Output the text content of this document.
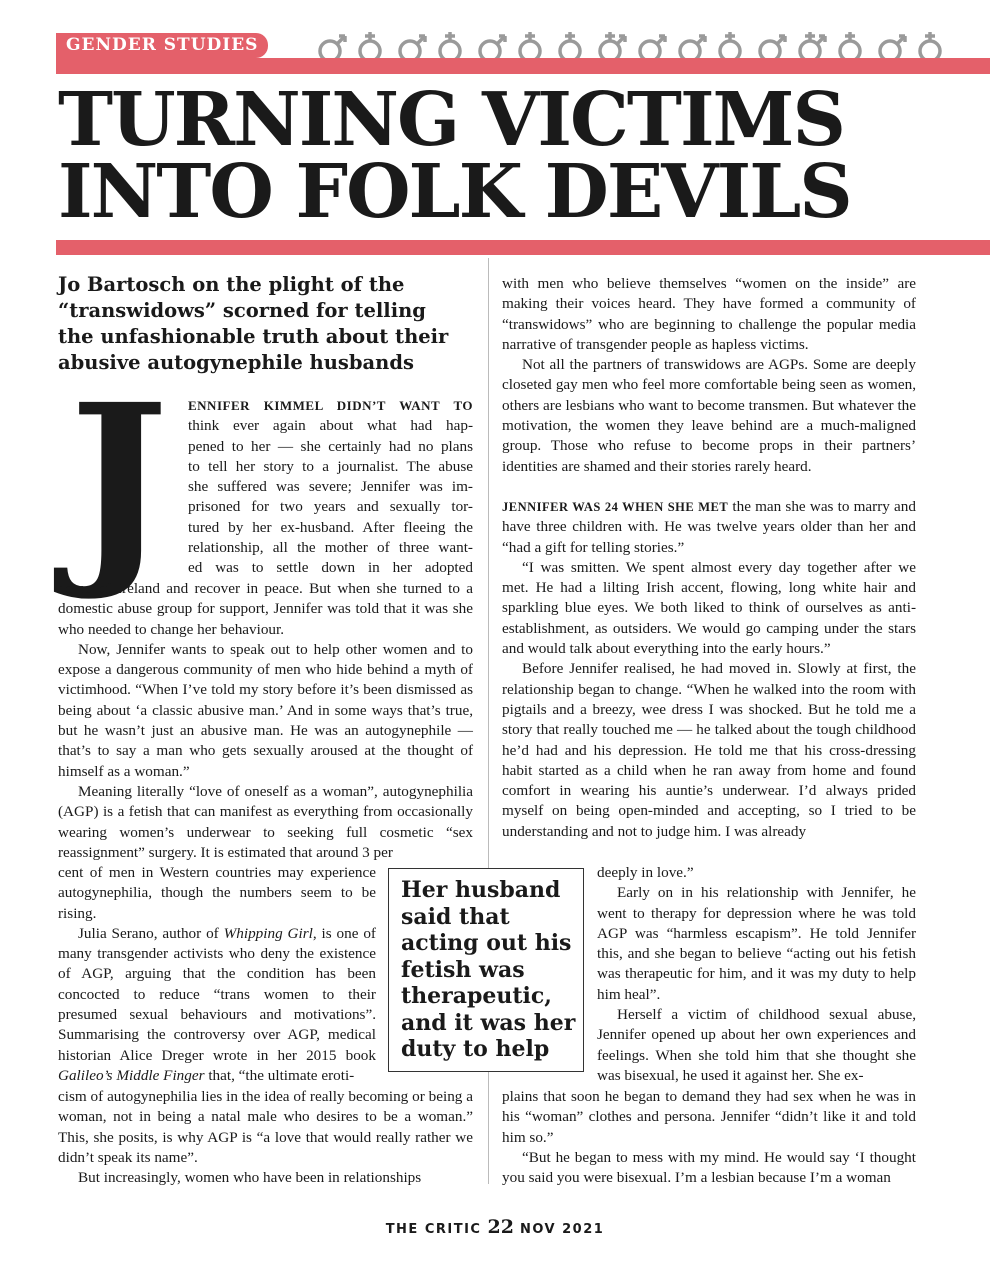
GENDER STUDIES
TURNING VICTIMS
INTO FOLK DEVILS
Jo Bartosch on the plight of the “transwidows” scorned for telling the unfashionable truth about their abusive autogynephile husbands
J	ENNIFER KIMMEL DIDN’T WANT TO
think ever again about what had hap-
pened to her — she certainly had no plans
to tell her story to a journalist. The abuse
she suffered was severe; Jennifer was im-
prisoned for two years and sexually tor-
tured by her ex-husband. After fleeing the
relationship, all the mother of three want-
ed was to settle down in her adopted

home of Ireland and recover in peace. But when she turned to a domestic abuse group for support, Jennifer was told that it was she who needed to change her behaviour.

Now, Jennifer wants to speak out to help other women and to expose a dangerous community of men who hide behind a myth of victimhood. “When I’ve told my story before it’s been dismissed as being about ‘a classic abusive man.’ And in some ways that’s true, but he wasn’t just an abusive man. He was an autogynephile — that’s to say a man who gets sexually aroused at the thought of himself as a woman.”

Meaning literally “love of oneself as a woman”, autogynephilia (AGP) is a fetish that can manifest as everything from occasionally wearing women’s underwear to seeking full cosmetic “sex reassignment” surgery. It is estimated that around 3 per

cent of men in Western countries may experience autogynephilia, though the numbers seem to be rising.

Julia Serano, author of Whipping Girl, is one of many transgender activists who deny the existence of AGP, arguing that the condition has been concocted to reduce “trans women to their presumed sexual behaviours and motivations”. Summarising the controversy over AGP, medical historian Alice Dreger wrote in her 2015 book Galileo’s Middle Finger that, “the ultimate eroti-

cism of autogynephilia lies in the idea of really becoming or being a woman, not in being a natal male who desires to be a woman.” This, she posits, is why AGP is “a love that would really rather we didn’t speak its name”.

But increasingly, women who have been in relationships

with men who believe themselves “women on the inside” are making their voices heard. They have formed a community of “transwidows” who are beginning to challenge the popular media narrative of transgender people as hapless victims.

Not all the partners of transwidows are AGPs. Some are deeply closeted gay men who feel more comfortable being seen as women, others are lesbians who want to become transmen. But whatever the motivation, the women they leave behind are a much-maligned group. Those who refuse to become props in their partners’ identities are shamed and their stories rarely heard.

JENNIFER WAS 24 WHEN SHE MET the man she was to marry and have three children with. He was twelve years older than her and “had a gift for telling stories.”

“I was smitten. We spent almost every day together after we met. He had a lilting Irish accent, flowing, long white hair and sparkling blue eyes. We both liked to think of ourselves as anti-establishment, as outsiders. We would go camping under the stars and would talk about everything into the early hours.”

Before Jennifer realised, he had moved in. Slowly at first, the relationship began to change. “When he walked into the room with pigtails and a breezy, wee dress I was shocked. But he told me a story that really touched me — he talked about the tough childhood he’d had and his depression. He told me that his cross-dressing habit started as a child when he ran away from home and found comfort in wearing his auntie’s underwear. I’d always prided myself on being open-minded and accepting, so I tried to be understanding and not to judge him. I was already

deeply in love.”

Early on in his relationship with Jennifer, he went to therapy for depression where he was told AGP was “harmless escapism”. He told Jennifer this, and she began to believe “acting out his fetish was therapeutic for him, and it was my duty to help him heal”.

Herself a victim of childhood sexual abuse, Jennifer opened up about her own experiences and feelings. When she told him that she thought she was bisexual, he used it against her. She ex-

plains that soon he began to demand they had sex when he was in his “woman” clothes and persona. Jennifer “didn’t like it and told him so.”

“But he began to mess with my mind. He would say ‘I thought you said you were bisexual. I’m a lesbian because I’m a woman

Her husband said that acting out his fetish was therapeutic, and it was her duty to help
THE CRITIC 22 NOV 2021
